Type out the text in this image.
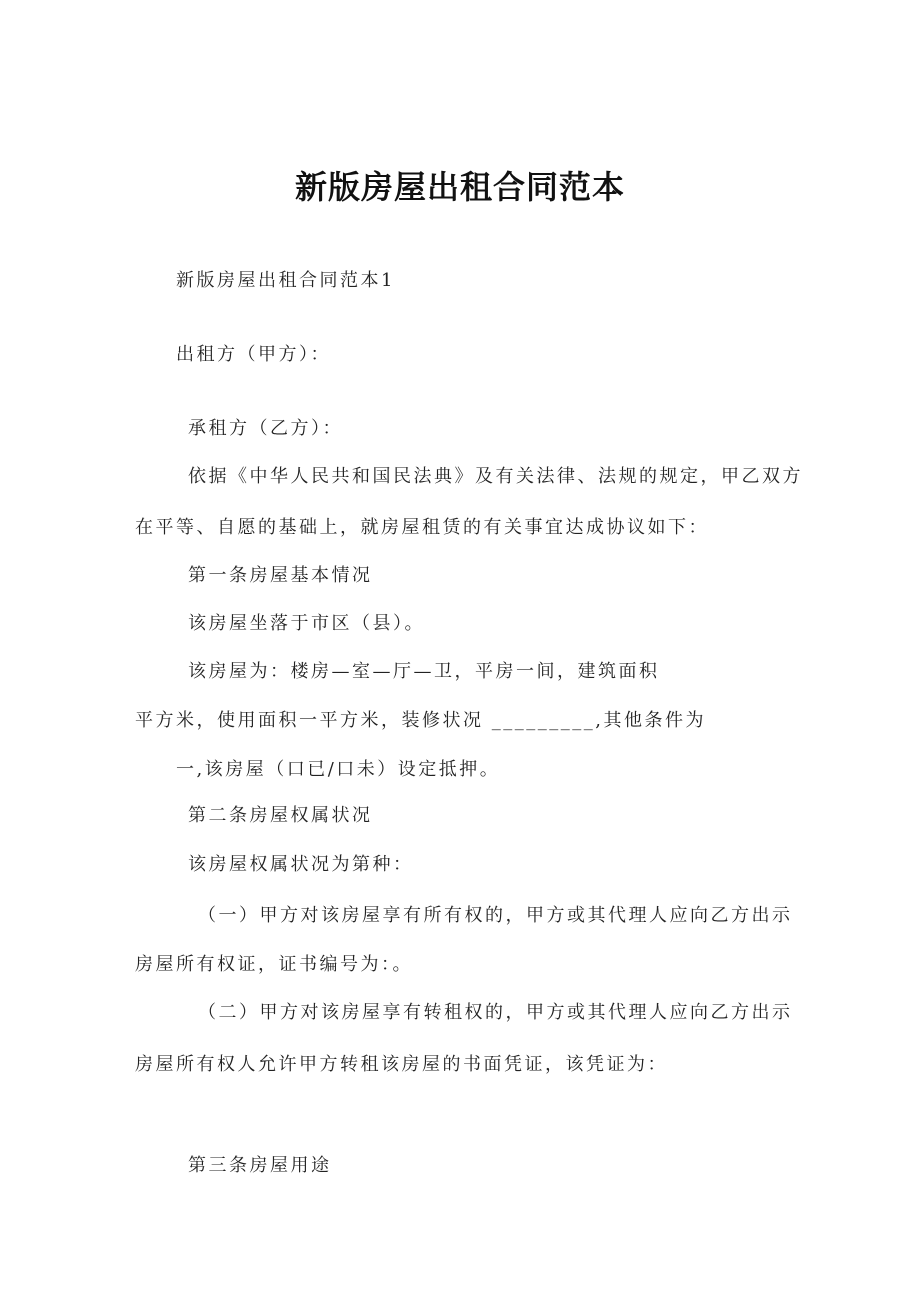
新版房屋出租合同范本
新版房屋出租合同范本1
出租方（甲方）：
承租方（乙方）：
依据《中华人民共和国民法典》及有关法律、法规的规定，甲乙双方
在平等、自愿的基础上，就房屋租赁的有关事宜达成协议如下：
第一条房屋基本情况
该房屋坐落于市区（县）。
该房屋为：楼房—室—厅—卫，平房一间，建筑面积
平方米，使用面积一平方米，装修状况 _________,其他条件为
一,该房屋（口已/口未）设定抵押。
第二条房屋权属状况
该房屋权属状况为第种：
（一）甲方对该房屋享有所有权的，甲方或其代理人应向乙方出示
房屋所有权证，证书编号为：。
（二）甲方对该房屋享有转租权的，甲方或其代理人应向乙方出示
房屋所有权人允许甲方转租该房屋的书面凭证，该凭证为：
第三条房屋用途
